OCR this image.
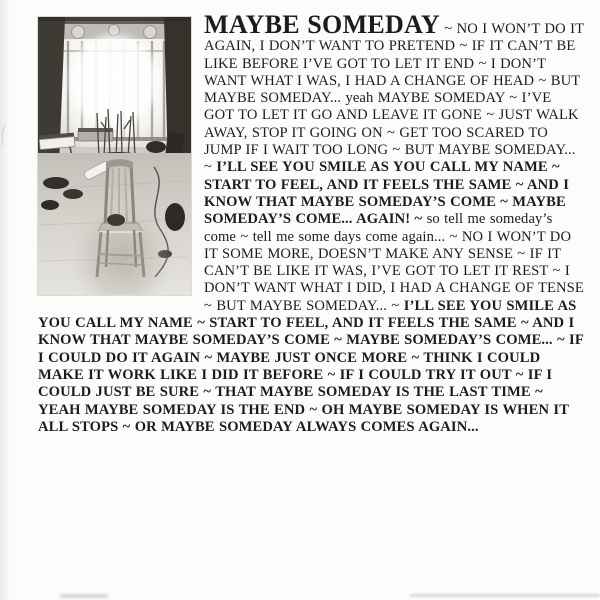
MAYBE SOMEDAY ~ NO I WON’T DO IT AGAIN, I DON’T WANT TO PRETEND ~ IF IT CAN’T BE LIKE BEFORE I’VE GOT TO LET IT END ~ I DON’T WANT WHAT I WAS, I HAD A CHANGE OF HEAD ~ BUT MAYBE SOMEDAY... yeah MAYBE SOMEDAY ~ I’VE GOT TO LET IT GO AND LEAVE IT GONE ~ JUST WALK AWAY, STOP IT GOING ON ~ GET TOO SCARED TO JUMP IF I WAIT TOO LONG ~ BUT MAYBE SOMEDAY... ~ I’LL SEE YOU SMILE AS YOU CALL MY NAME ~ START TO FEEL, AND IT FEELS THE SAME ~ AND I KNOW THAT MAYBE SOMEDAY’S COME ~ MAYBE SOMEDAY’S COME... AGAIN! ~ so tell me someday’s come ~ tell me some days come again... ~ NO I WON’T DO IT SOME MORE, DOESN’T MAKE ANY SENSE ~ IF IT CAN’T BE LIKE IT WAS, I’VE GOT TO LET IT REST ~ I DON’T WANT WHAT I DID, I HAD A CHANGE OF TENSE ~ BUT MAYBE SOMEDAY... ~ I’LL SEE YOU SMILE AS YOU CALL MY NAME ~ START TO FEEL, AND IT FEELS THE SAME ~ AND I KNOW THAT MAYBE SOMEDAY’S COME ~ MAYBE SOMEDAY’S COME... ~ IF I COULD DO IT AGAIN ~ MAYBE JUST ONCE MORE ~ THINK I COULD MAKE IT WORK LIKE I DID IT BEFORE ~ IF I COULD TRY IT OUT ~ IF I COULD JUST BE SURE ~ THAT MAYBE SOMEDAY IS THE LAST TIME ~ YEAH MAYBE SOMEDAY IS THE END ~ OH MAYBE SOMEDAY IS WHEN IT ALL STOPS ~ OR MAYBE SOMEDAY ALWAYS COMES AGAIN...
